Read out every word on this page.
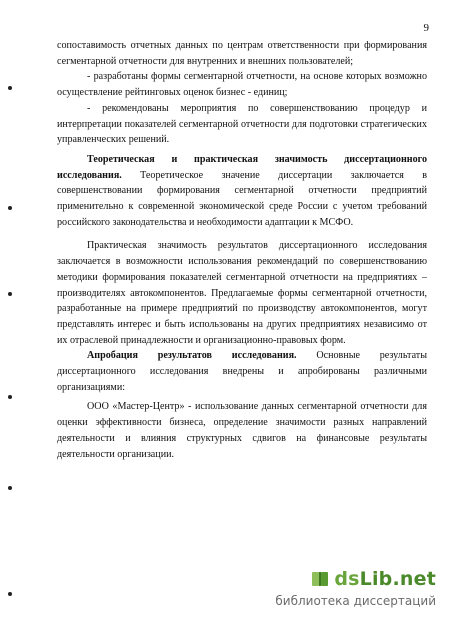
9

сопоставимость отчетных данных по центрам ответственности при формирования сегментарной отчетности для внутренних и внешних пользователей;

- разработаны формы сегментарной отчетности, на основе которых возможно осуществление рейтинговых оценок бизнес - единиц;

- рекомендованы мероприятия по совершенствованию процедур и интерпретации показателей сегментарной отчетности для подготовки стратегических управленческих решений.

Теоретическая и практическая значимость диссертационного исследования. Теоретическое значение диссертации заключается в совершенствовании формирования сегментарной отчетности предприятий применительно к современной экономической среде России с учетом требований российского законодательства и необходимости адаптации к МСФО.

Практическая значимость результатов диссертационного исследования заключается в возможности использования рекомендаций по совершенствованию методики формирования показателей сегментарной отчетности на предприятиях – производителях автокомпонентов. Предлагаемые формы сегментарной отчетности, разработанные на примере предприятий по производству автокомпонентов, могут представлять интерес и быть использованы на других предприятиях независимо от их отраслевой принадлежности и организационно-правовых форм.

Апробация результатов исследования. Основные результаты диссертационного исследования внедрены и апробированы различными организациями:

ООО «Мастер-Центр» - использование данных сегментарной отчетности для оценки эффективности бизнеса, определение значимости разных направлений деятельности и влияния структурных сдвигов на финансовые результаты деятельности организации.

dsLib.net
библиотека диссертаций
